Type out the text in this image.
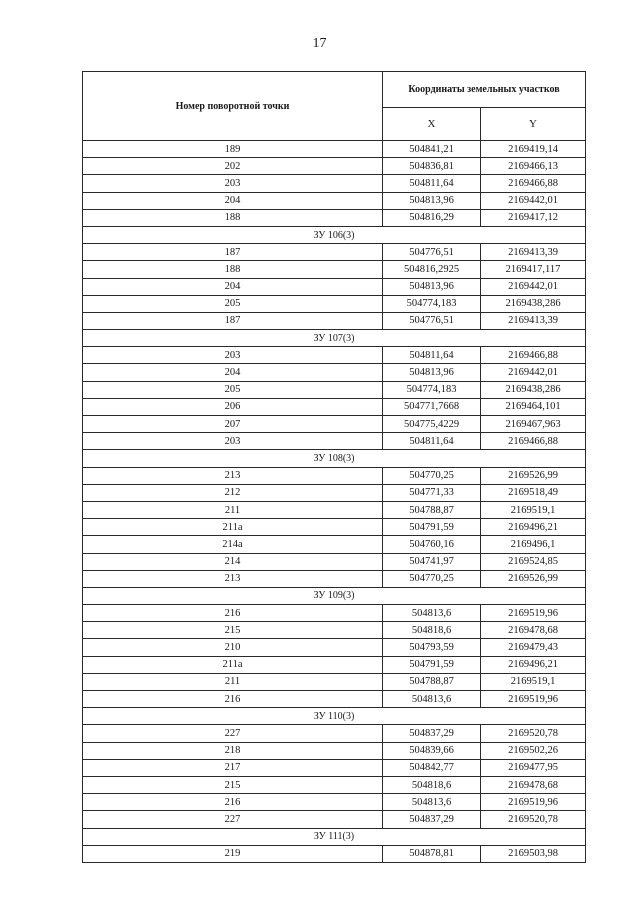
17
Номер поворотной точки	Координаты земельных участков	
	X	Y
189	504841,21	2169419,14
202	504836,81	2169466,13
203	504811,64	2169466,88
204	504813,96	2169442,01
188	504816,29	2169417,12
ЗУ 106(3)		
187	504776,51	2169413,39
188	504816,2925	2169417,117
204	504813,96	2169442,01
205	504774,183	2169438,286
187	504776,51	2169413,39
ЗУ 107(3)		
203	504811,64	2169466,88
204	504813,96	2169442,01
205	504774,183	2169438,286
206	504771,7668	2169464,101
207	504775,4229	2169467,963
203	504811,64	2169466,88
ЗУ 108(3)		
213	504770,25	2169526,99
212	504771,33	2169518,49
211	504788,87	2169519,1
211a	504791,59	2169496,21
214a	504760,16	2169496,1
214	504741,97	2169524,85
213	504770,25	2169526,99
ЗУ 109(3)		
216	504813,6	2169519,96
215	504818,6	2169478,68
210	504793,59	2169479,43
211a	504791,59	2169496,21
211	504788,87	2169519,1
216	504813,6	2169519,96
ЗУ 110(3)		
227	504837,29	2169520,78
218	504839,66	2169502,26
217	504842,77	2169477,95
215	504818,6	2169478,68
216	504813,6	2169519,96
227	504837,29	2169520,78
ЗУ 111(3)		
219	504878,81	2169503,98
